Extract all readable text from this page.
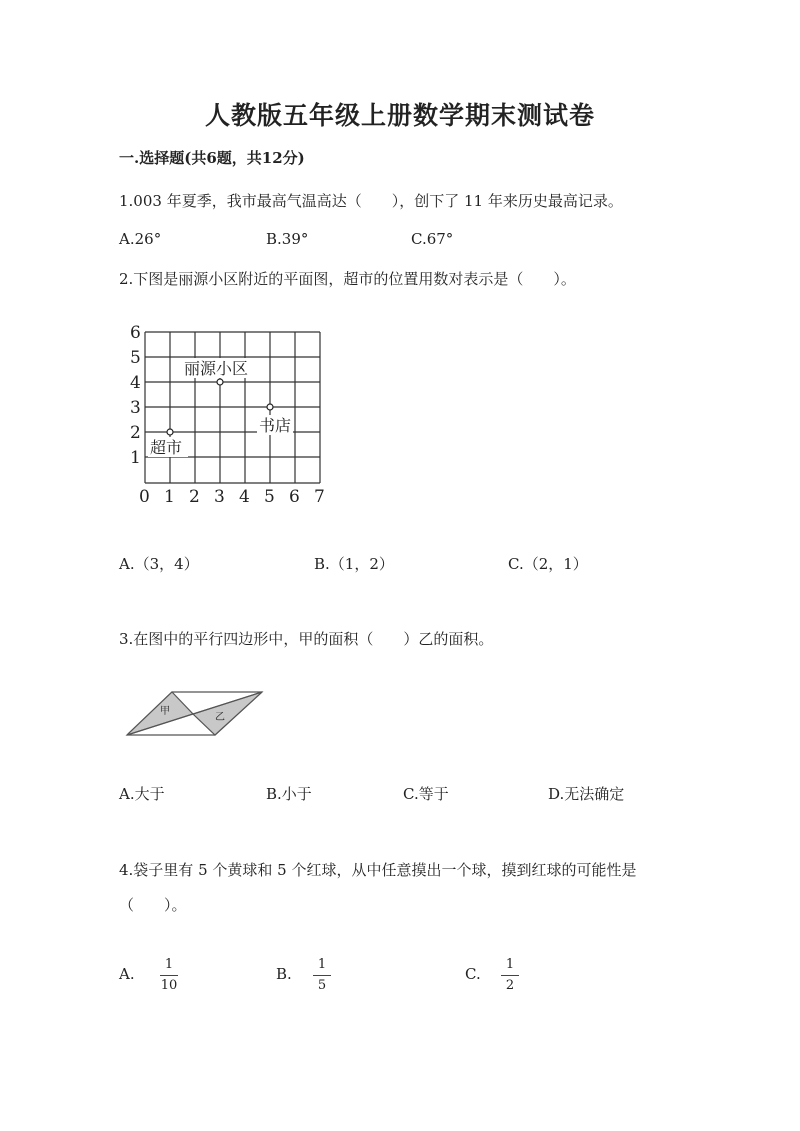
人教版五年级上册数学期末测试卷
一.选择题(共6题，共12分)
1.003 年夏季，我市最高气温高达（　　），创下了 11 年来历史最高记录。
A.26°	B.39°	C.67°
2.下图是丽源小区附近的平面图，超市的位置用数对表示是（　　）。
6
5
4
3
2
1
0 1 2 3 4 5 6 7
丽源小区
书店
超市
A.（3，4）	B.（1，2）	C.（2，1）
3.在图中的平行四边形中，甲的面积（　　）乙的面积。
甲
乙
A.大于	B.小于	C.等于	D.无法确定
4.袋子里有 5 个黄球和 5 个红球，从中任意摸出一个球，摸到红球的可能性是
（　　）。
A.
1
10
B.
1
5
C.
1
2
